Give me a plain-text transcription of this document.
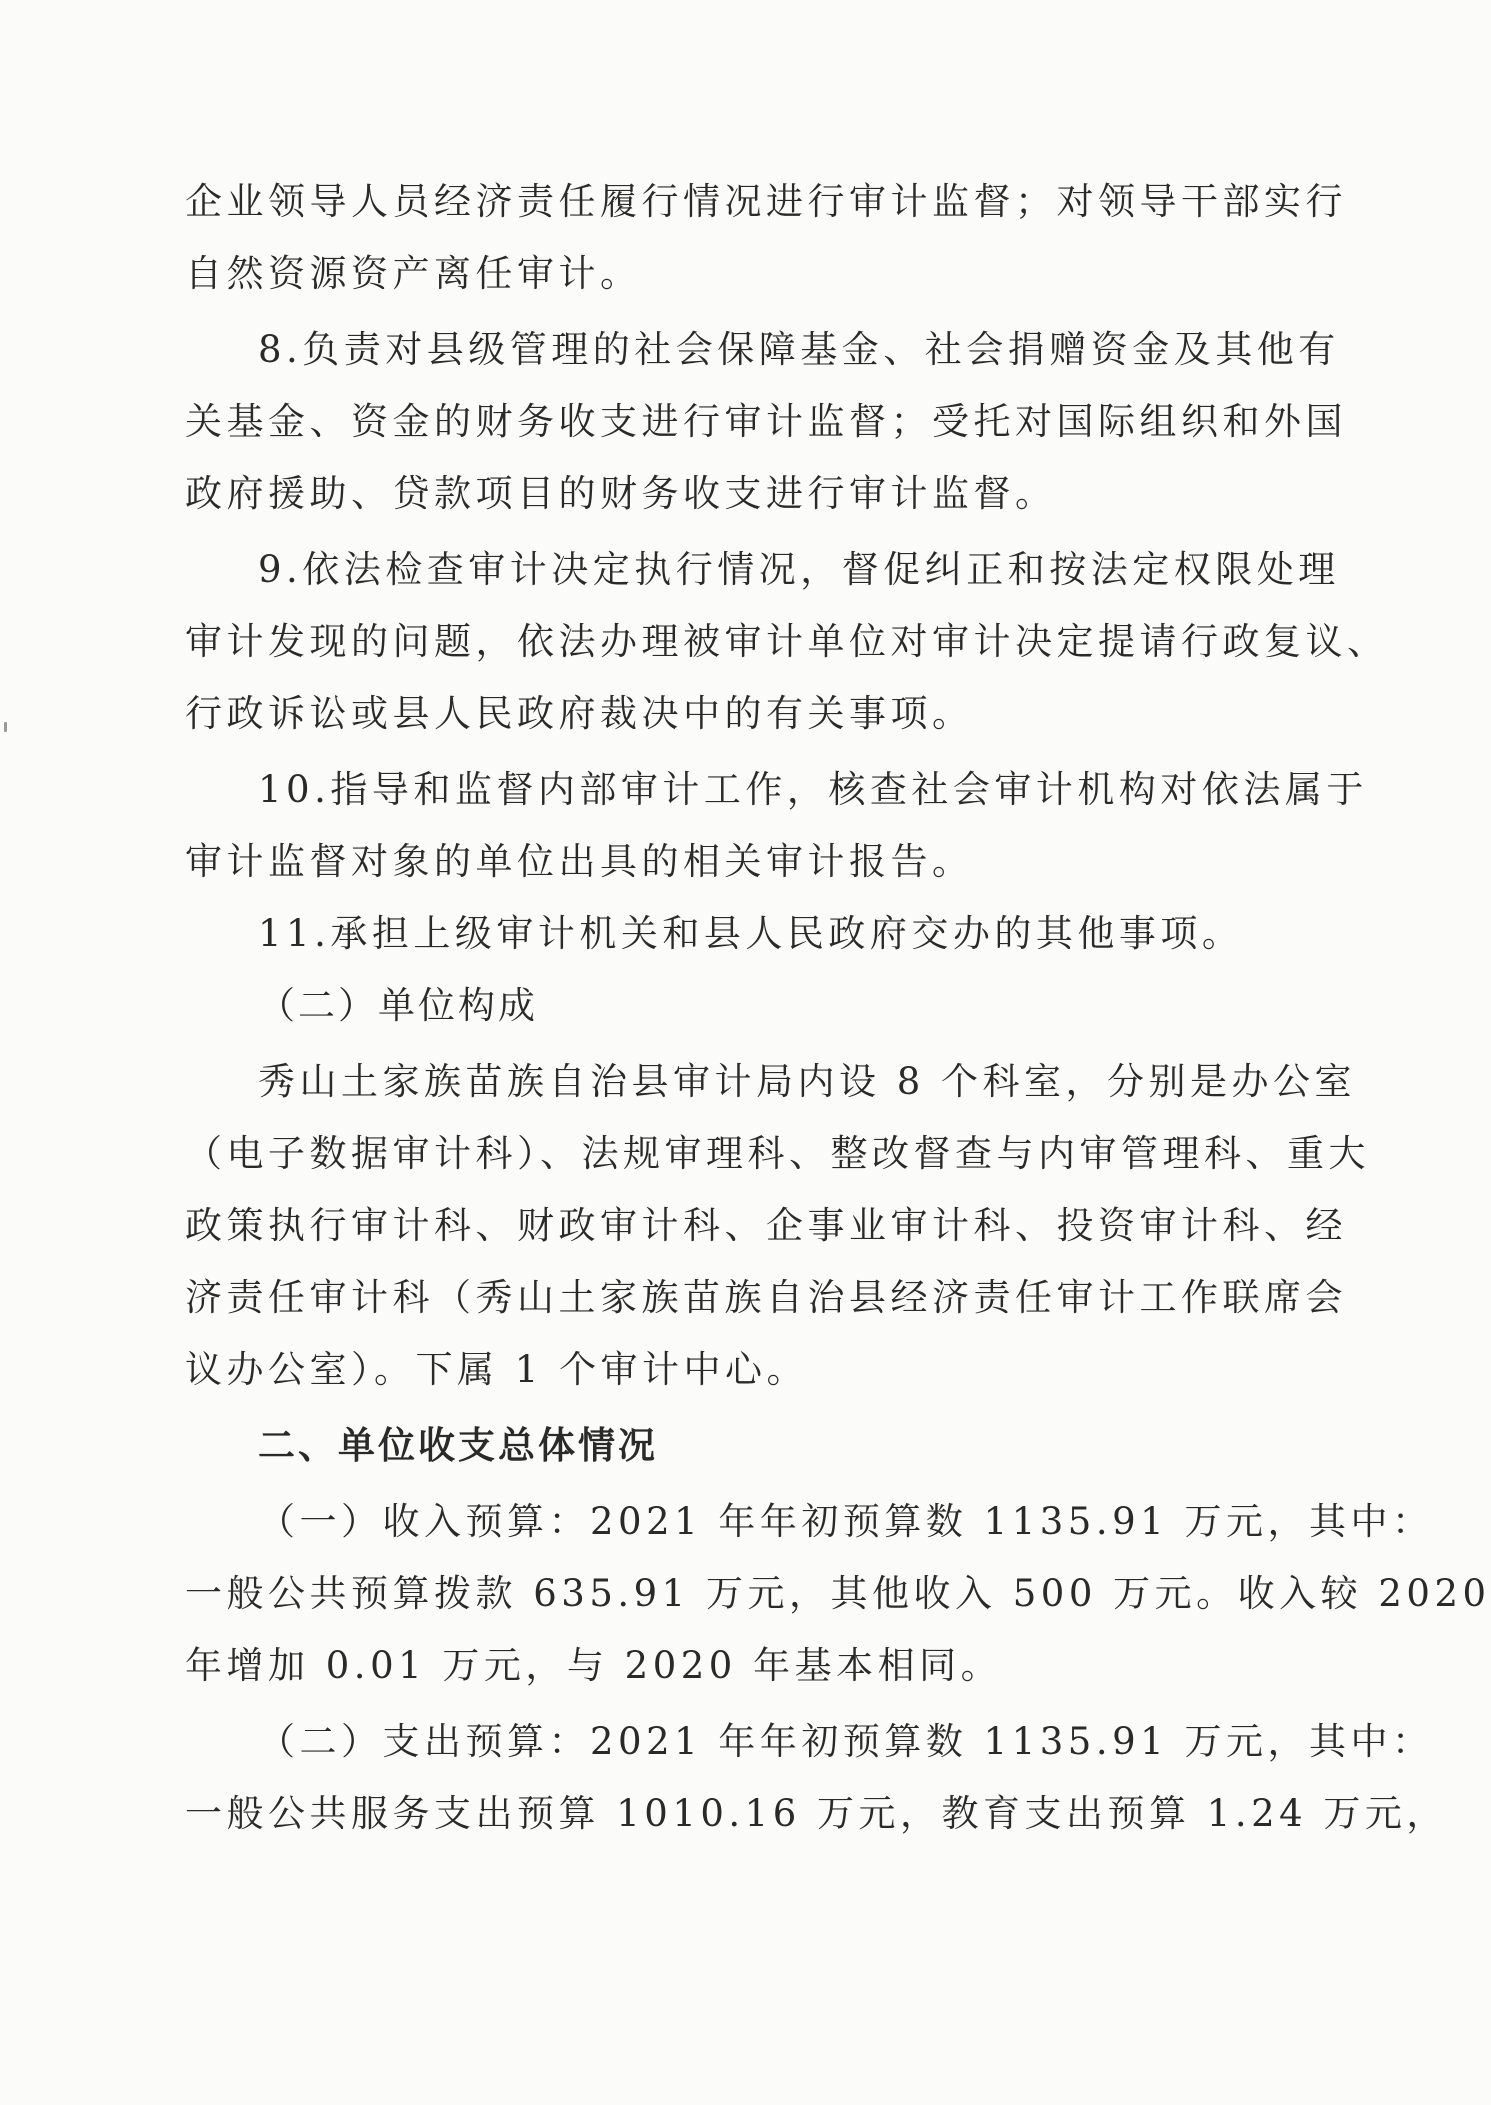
企业领导人员经济责任履行情况进行审计监督；对领导干部实行
自然资源资产离任审计。
8.负责对县级管理的社会保障基金、社会捐赠资金及其他有
关基金、资金的财务收支进行审计监督；受托对国际组织和外国
政府援助、贷款项目的财务收支进行审计监督。
9.依法检查审计决定执行情况，督促纠正和按法定权限处理
审计发现的问题，依法办理被审计单位对审计决定提请行政复议、
行政诉讼或县人民政府裁决中的有关事项。
10.指导和监督内部审计工作，核查社会审计机构对依法属于
审计监督对象的单位出具的相关审计报告。
11.承担上级审计机关和县人民政府交办的其他事项。
（二）单位构成
秀山土家族苗族自治县审计局内设 8 个科室，分别是办公室
（电子数据审计科）、法规审理科、整改督查与内审管理科、重大
政策执行审计科、财政审计科、企事业审计科、投资审计科、经
济责任审计科（秀山土家族苗族自治县经济责任审计工作联席会
议办公室）。下属 1 个审计中心。
二、单位收支总体情况
（一）收入预算：2021 年年初预算数 1135.91 万元，其中：
一般公共预算拨款 635.91 万元，其他收入 500 万元。收入较 2020
年增加 0.01 万元，与 2020 年基本相同。
（二）支出预算：2021 年年初预算数 1135.91 万元，其中：
一般公共服务支出预算 1010.16 万元，教育支出预算 1.24 万元，
